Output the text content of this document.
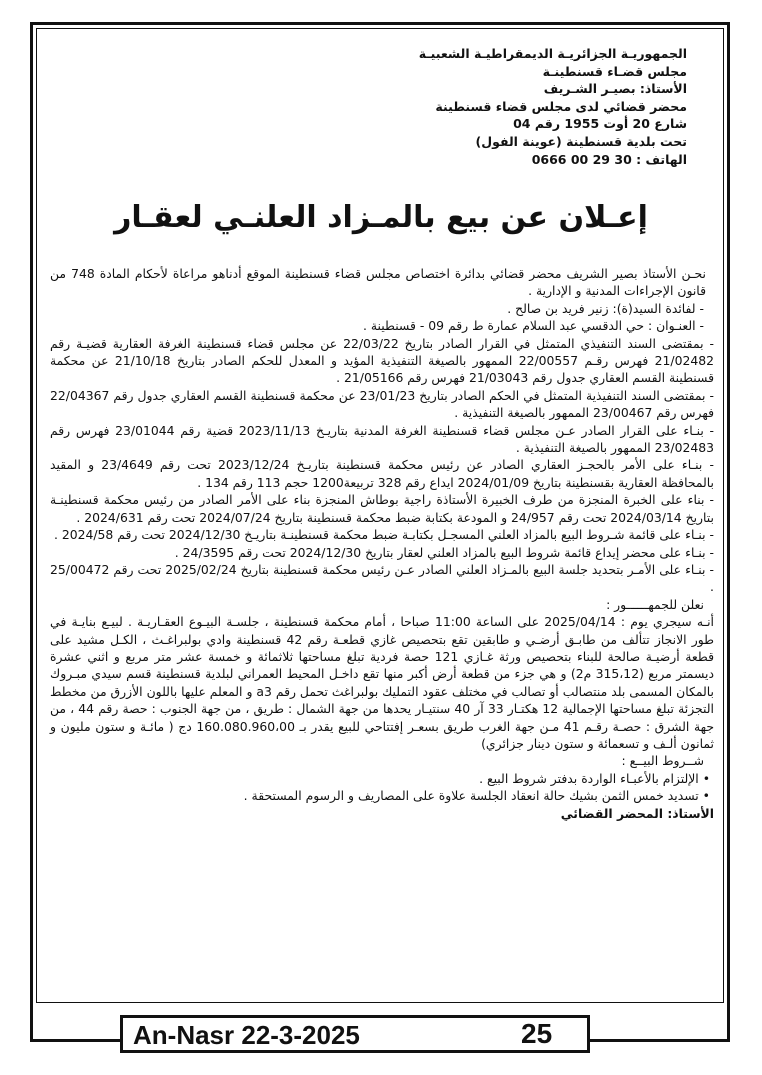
الجمهوريـة الجزائريـة الديمقراطيـة الشعبيـة
مجلس قضـاء قسنطينـة
الأستاذ: بصيـر الشـريف
محضر قضائي لدى مجلس قضاء قسنطينة
شارع 20 أوت 1955 رقم 04
تحت بلدية قسنطينة (عوينة الفول)
الهاتف : 30 29 00 0666
إعـلان عن بيع بالمـزاد العلنـي لعقـار

نحـن الأستاذ بصير الشريف محضر قضائي بدائرة اختصاص مجلس قضاء قسنطينة الموقع أدناهو مراعاة لأحكام المادة 748 من قانون الإجراءات المدنية و الإدارية .

- لفائدة السيد(ة): زنير فريد بن صالح .

- العنـوان : حي الدقسي عبد السلام عمارة ط رقم 09 - قسنطينة .

- بمقتضى السند التنفيذي المتمثل في القرار الصادر بتاريخ 22/03/22 عن مجلس قضاء قسنطينة الغرفة العقارية قضيـة رقم 21/02482 فهرس رقـم 22/00557 الممهور بالصيغة التنفيذية المؤيد و المعدل للحكم الصادر بتاريخ 21/10/18 عن محكمة قسنطينة القسم العقاري جدول رقم 21/03043 فهرس رقم 21/05166 .

- بمقتضى السند التنفيذية المتمثل في الحكم الصادر بتاريخ 23/01/23 عن محكمة قسنطينة القسم العقاري جدول رقم 22/04367 فهرس رقم 23/00467 الممهور بالصيغة التنفيذية .

- بنـاء على القرار الصادر عـن مجلس قضاء قسنطينة الغرفة المدنية بتاريـخ 2023/11/13 قضية رقم 23/01044 فهرس رقم 23/02483 الممهور بالصيغة التنفيذية .

- بنـاء على الأمر بالحجـز العقاري الصادر عن رئيس محكمة قسنطينة بتاريـخ 2023/12/24 تحت رقم 23/4649 و المقيد بالمحافظة العقارية بقسنطينة بتاريخ 2024/01/09 ايداع رقم 328 تربيعة1200 حجم 113 رقم 134 .

- بناء على الخبرة المنجزة من طرف الخبيرة الأستاذة راجية بوطاش المنجزة بناء على الأمر الصادر من رئيس محكمة قسنطينـة بتاريخ 2024/03/14 تحت رقم 24/957 و المودعة بكتابة ضبط محكمة قسنطينة بتاريخ 2024/07/24 تحت رقم 2024/631 .

- بنـاء على قائمة شـروط البيع بالمزاد العلني المسجـل بكتابـة ضبط محكمة قسنطينـة بتاريـخ 2024/12/30 تحت رقم 2024/58 .

- بنـاء على محضر إيداع قائمة شروط البيع بالمزاد العلني لعقار بتاريخ 2024/12/30 تحت رقم 24/3595 .

- بنـاء على الأمـر بتحديد جلسة البيع بالمـزاد العلني الصادر عـن رئيس محكمة قسنطينة بتاريخ 2025/02/24 تحت رقم 25/00472 .

نعلن للجمهــــــور :

أنـه سيجري يوم : 2025/04/14 على الساعة 11:00 صباحا ، أمام محكمة قسنطينة ، جلسـة البيـوع العقـاريـة . لبيـع بنايـة في طور الانجاز تتألف من طابـق أرضـي و طابقين تقع بتحصيص غازي قطعـة رقم 42 قسنطينة وادي بولبراغـث ، الكـل مشيد على قطعة أرضيـة صالحة للبناء بتحصيص ورثة غـازي 121 حصة فردية تبلغ مساحتها ثلاثمائة و خمسة عشر متر مربع و اثني عشرة ديسمتر مربع (315،12 م2) و هي جزء من قطعة أرض أكبر منها تقع داخـل المحيط العمراني لبلدية قسنطينة قسم سيدي مبـروك بالمكان المسمى بلد منتصالب أو تصالب في مختلف عقود التمليك بولبراغث تحمل رقم a3 و المعلم عليها باللون الأزرق من مخطط التجزئة تبلغ مساحتها الإجمالية 12 هكتـار 33 آر 40 سنتيـار يحدها من جهة الشمال : طريق ، من جهة الجنوب : حصة رقم 44 ، من جهة الشرق : حصـة رقـم 41 مـن جهة الغرب طريق بسعـر إفتتاحي للبيع يقدر بـ 160.080.960،00 دج ( مائـة و ستون مليون و ثمانون ألـف و تسعمائة و ستون دينار جزائري)

شــروط البيــع :

• الإلتزام بالأعبـاء الواردة بدفتر شروط البيع .

• تسديد خمس الثمن بشيك حالة انعقاد الجلسة علاوة على المصاريف و الرسوم المستحقة .

الأستاذ: المحضر القضائي

An-Nasr 22-3-2025	25
